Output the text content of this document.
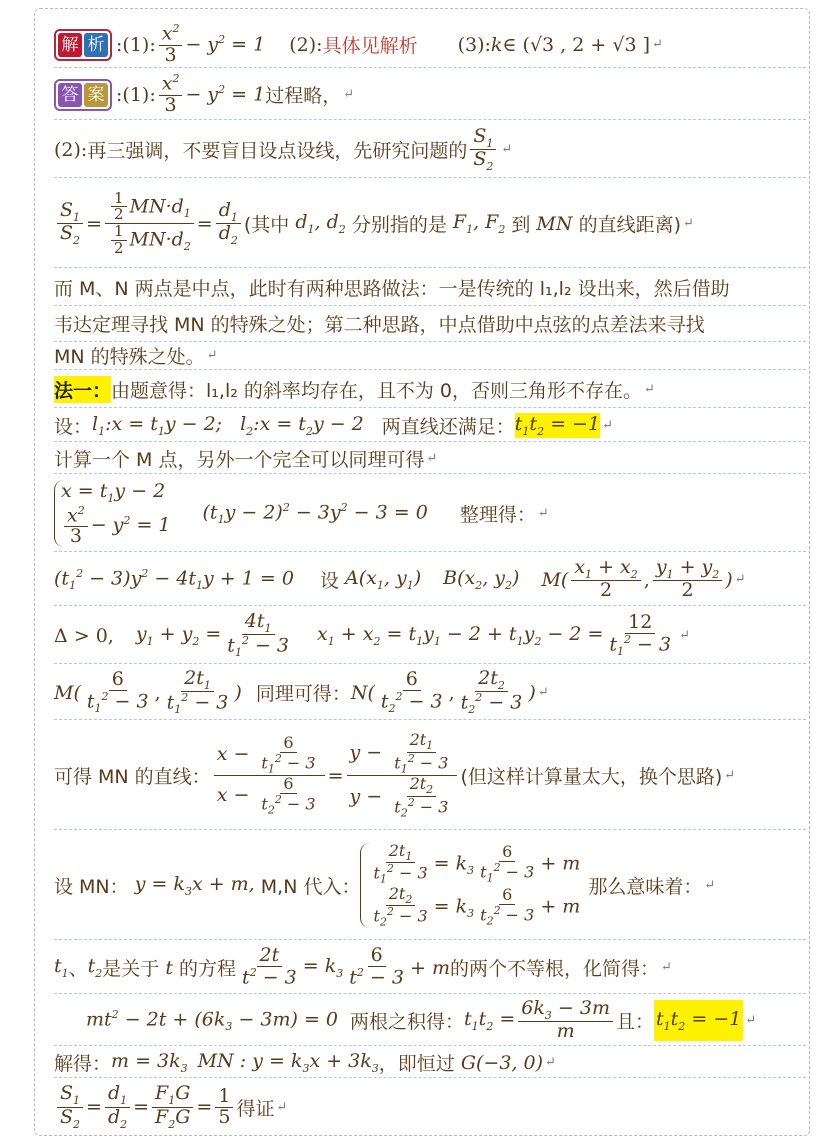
解 析 :(1): $\frac{x^2}{3} - y^2 = 1$ (2): 具体见解析 (3): k ∈ (√3 , 2 + √3 ] ↵
答 案 :(1): $\frac{x^2}{3} - y^2 = 1$ 过程略， ↵
(2): 再三强调，不要盲目设点设线，先研究问题的 $\frac{S_1}{S_2}$ ↵
$\frac{S_1}{S_2} = \frac{\frac{1}{2} MN\cdot d_1}{\frac{1}{2} MN\cdot d_2} = \frac{d_1}{d_2}$ (其中 $d_1$, $d_2$ 分别指的是 $F_1$, $F_2$ 到 MN 的直线距离) ↵
而 M、N 两点是中点，此时有两种思路做法：一是传统的 l₁,l₂ 设出来，然后借助
韦达定理寻找 MN 的特殊之处；第二种思路，中点借助中点弦的点差法来寻找
MN 的特殊之处。 ↵
法一： 由题意得：l₁,l₂ 的斜率均存在，且不为 0，否则三角形不存在。 ↵
设： $l_1:x = t_1y - 2$; $l_2:x = t_2y - 2$ 两直线还满足： $t_1t_2 = -1$ ↵
计算一个 M 点，另外一个完全可以同理可得 ↵
$x = t_1y - 2$
$\frac{x^2}{3} - y^2 = 1$
$(t_1y - 2)^2 - 3y^2 - 3 = 0$ 整理得： ↵
$(t_1^2 - 3)y^2 - 4t_1y + 1 = 0$ 设 $A(x_1$, $y_1$) $B(x_2$, $y_2$) $M( \frac{x_1 + x_2}{2}$ , $\frac{y_1 + y_2}{2}$ ) ↵
Δ > 0, $y_1 + y_2 = \frac{4t_1}{t_1^2 - 3} x_1 + x_2 = t_1y_1 - 2 + t_1y_2 - 2 = \frac{12}{t_1^2 - 3}$ ↵
$M( \frac{6}{t_1^2 - 3}$ , $\frac{2t_1}{t_1^2 - 3}$ ) 同理可得： $N( \frac{6}{t_2^2 - 3}$ , $\frac{2t_2}{t_2^2 - 3}$ ) ↵
可得 MN 的直线： $\frac{x - \frac{6}{t_1^2 - 3}}{x - \frac{6}{t_2^2 - 3}} = \frac{y - \frac{2t_1}{t_1^2 - 3}}{y - \frac{2t_2}{t_2^2 - 3}}$ (但这样计算量太大，换个思路) ↵
设 MN： $y = k_3x + m$, M,N 代入：
$\frac{2t_1}{t_1^2 - 3} = k_3 \frac{6}{t_1^2 - 3} + m$
$\frac{2t_2}{t_2^2 - 3} = k_3 \frac{6}{t_2^2 - 3} + m$
那么意味着： ↵
$t_1$ 、 $t_2$ 是关于 t 的方程 $\frac{2t}{t^2 - 3} = k_3 \frac{6}{t^2 - 3} + m$ 的两个不等根，化简得： ↵
$mt^2 - 2t + (6k_3 - 3m) = 0$ 两根之积得： $t_1t_2 = \frac{6k_3 - 3m}{m}$ 且： $t_1t_2 = -1$ ↵
解得： $m = 3k_3$ MN : $y = k_3x + 3k_3$ ，即恒过 G(−3, 0) ↵
$\frac{S_1}{S_2} = \frac{d_1}{d_2} = \frac{F_1G}{F_2G} = \frac{1}{5}$ 得证 ↵
